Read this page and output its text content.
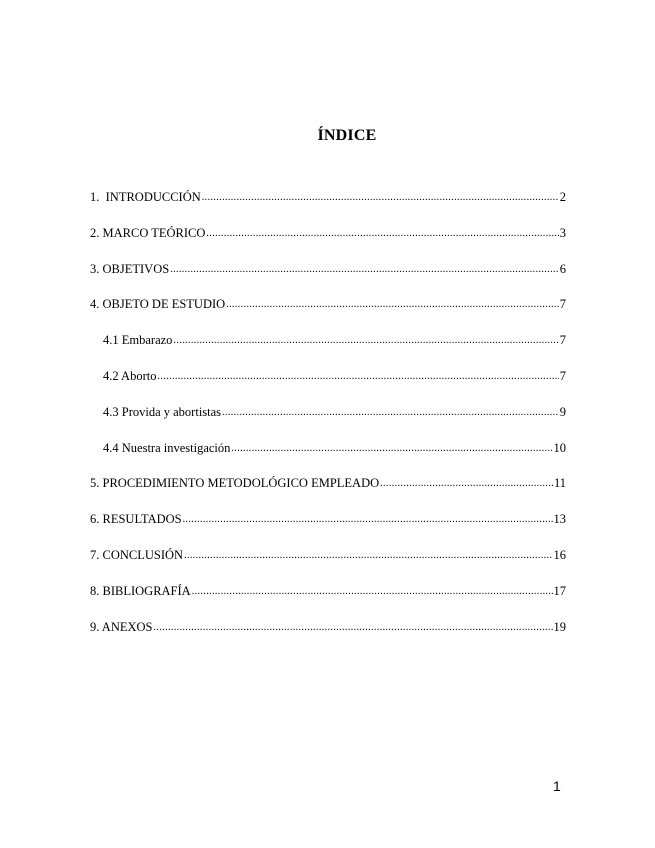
ÍNDICE
1.  INTRODUCCIÓN .....	2
2. MARCO TEÓRICO .....	3
3. OBJETIVOS .....	6
4. OBJETO DE ESTUDIO .....	7
4.1 Embarazo .....	7
4.2 Aborto .....	7
4.3 Provida y abortistas .....	9
4.4 Nuestra investigación .....	10
5. PROCEDIMIENTO METODOLÓGICO EMPLEADO .....	11
6. RESULTADOS .....	13
7. CONCLUSIÓN .....	16
8. BIBLIOGRAFÍA .....	17
9. ANEXOS .....	19
1
